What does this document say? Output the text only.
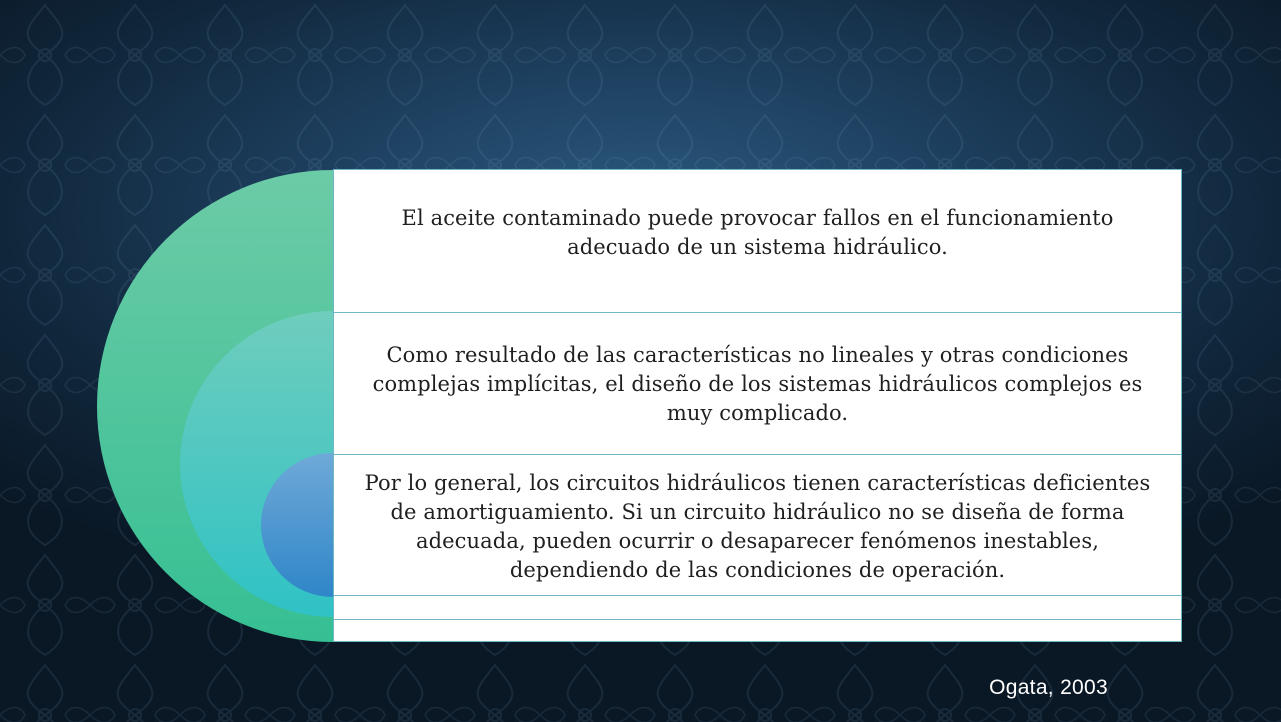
El aceite contaminado puede provocar fallos en el funcionamiento adecuado de un sistema hidráulico.
Como resultado de las características no lineales y otras condiciones complejas implícitas, el diseño de los sistemas hidráulicos complejos es muy complicado.
Por lo general, los circuitos hidráulicos tienen características deficientes de amortiguamiento. Si un circuito hidráulico no se diseña de forma adecuada, pueden ocurrir o desaparecer fenómenos inestables, dependiendo de las condiciones de operación.
Ogata, 2003
